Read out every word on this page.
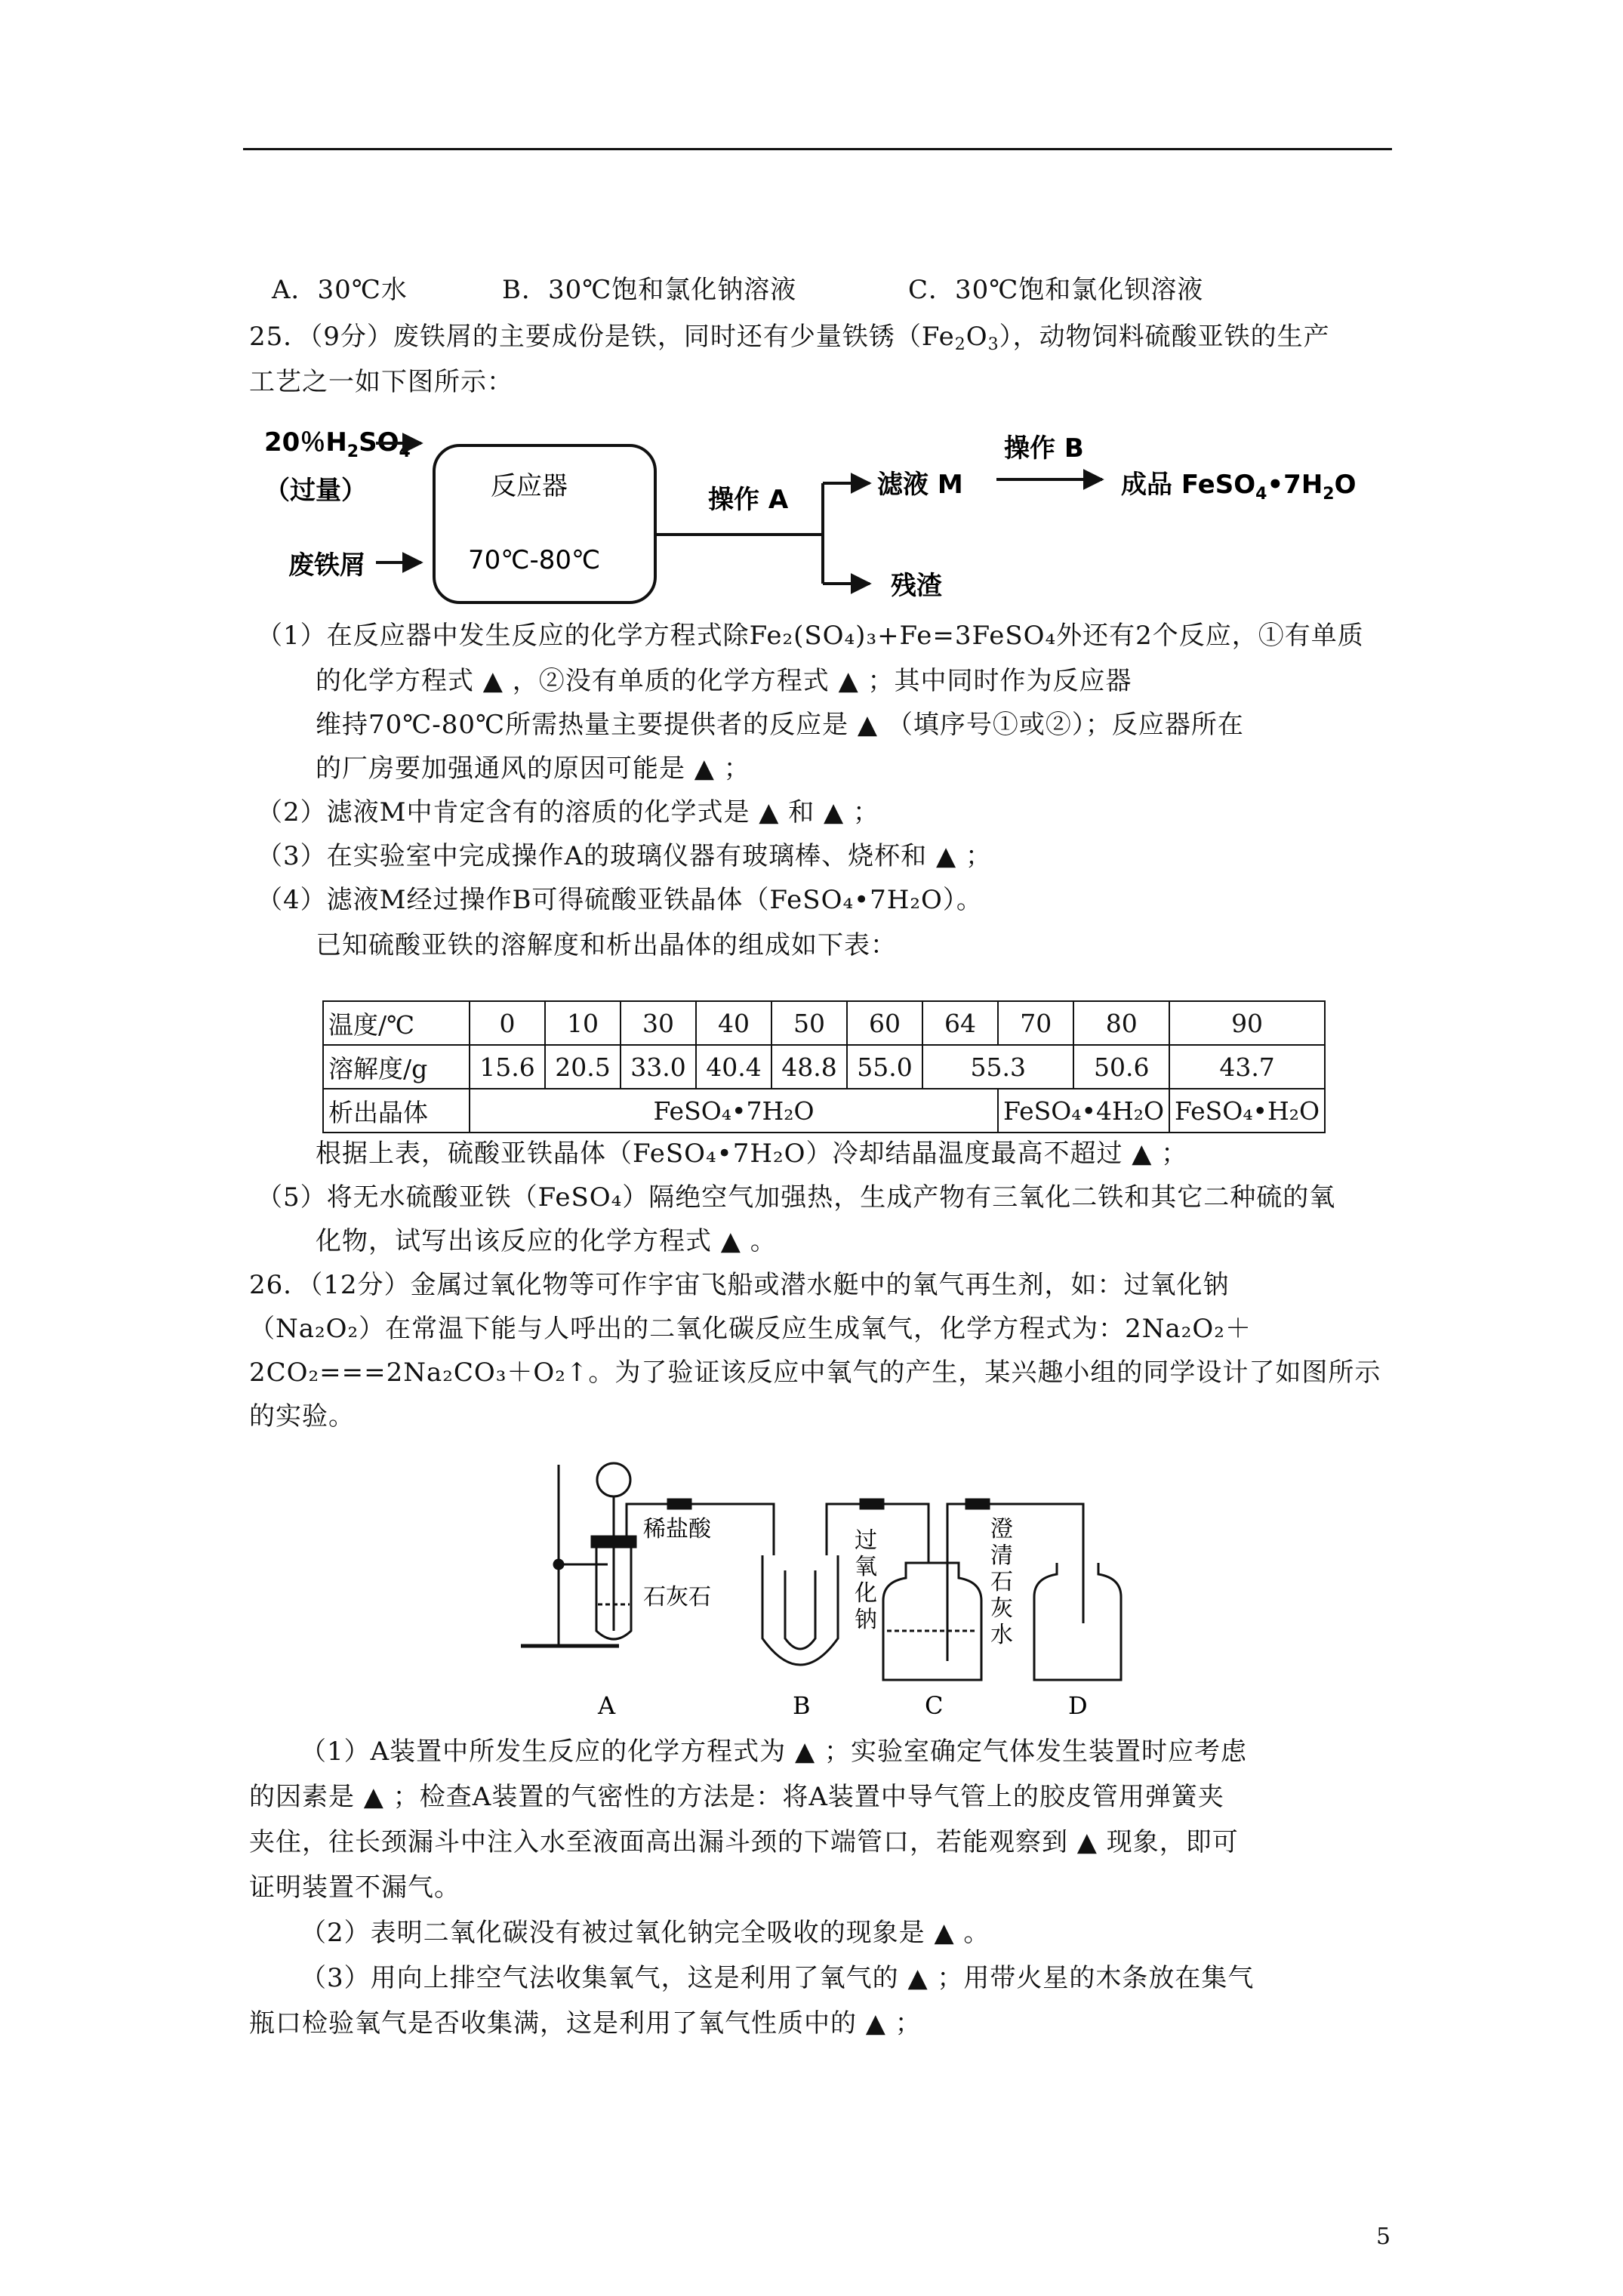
A．30℃水	B．30℃饱和氯化钠溶液	C．30℃饱和氯化钡溶液
25．（9分）废铁屑的主要成份是铁，同时还有少量铁锈$(Fe_2O_3)$，动物饲料硫酸亚铁的生产
工艺之一如下图所示：
20％$H_2SO_4$
（过量）
废铁屑
反应器
70℃-80℃
操作 A	滤液 M
残渣
操作 B
成品 $FeSO_4•7H_2O$
（1）在反应器中发生反应的化学方程式除Fe₂(SO₄)₃+Fe=3FeSO₄外还有2个反应，①有单质
的化学方程式 ▲ ，②没有单质的化学方程式 ▲ ；其中同时作为反应器
维持70℃-80℃所需热量主要提供者的反应是 ▲ （填序号①或②）；反应器所在
的厂房要加强通风的原因可能是 ▲ ；
（2）滤液M中肯定含有的溶质的化学式是 ▲ 和 ▲ ；
（3）在实验室中完成操作A的玻璃仪器有玻璃棒、烧杯和 ▲ ；
（4）滤液M经过操作B可得硫酸亚铁晶体（FeSO₄•7H₂O）。
已知硫酸亚铁的溶解度和析出晶体的组成如下表：
温度/℃	0	10	30	40	50	60	64	70	80	90
溶解度/g	15.6	20.5	33.0	40.4	48.8	55.0	55.3		50.6	43.7
析出晶体	FeSO₄•7H₂O							FeSO₄•4H₂O		FeSO₄•H₂O
根据上表，硫酸亚铁晶体（FeSO₄•7H₂O）冷却结晶温度最高不超过 ▲ ；
（5）将无水硫酸亚铁（FeSO₄）隔绝空气加强热，生成产物有三氧化二铁和其它二种硫的氧
化物，试写出该反应的化学方程式 ▲ 。
26．（12分）金属过氧化物等可作宇宙飞船或潜水艇中的氧气再生剂，如：过氧化钠
（Na₂O₂）在常温下能与人呼出的二氧化碳反应生成氧气，化学方程式为：2Na₂O₂＋
2CO₂===2Na₂CO₃＋O₂↑。为了验证该反应中氧气的产生，某兴趣小组的同学设计了如图所示
的实验。
稀盐酸
石灰石
过
氧
化
钠
澄
清
石
灰
水
A	B	C	D
（1）A装置中所发生反应的化学方程式为 ▲ ；实验室确定气体发生装置时应考虑
的因素是 ▲ ；检查A装置的气密性的方法是：将A装置中导气管上的胶皮管用弹簧夹
夹住，往长颈漏斗中注入水至液面高出漏斗颈的下端管口，若能观察到 ▲ 现象，即可
证明装置不漏气。
（2）表明二氧化碳没有被过氧化钠完全吸收的现象是 ▲ 。
（3）用向上排空气法收集氧气，这是利用了氧气的 ▲ ；用带火星的木条放在集气
瓶口检验氧气是否收集满，这是利用了氧气性质中的 ▲ ；
5
